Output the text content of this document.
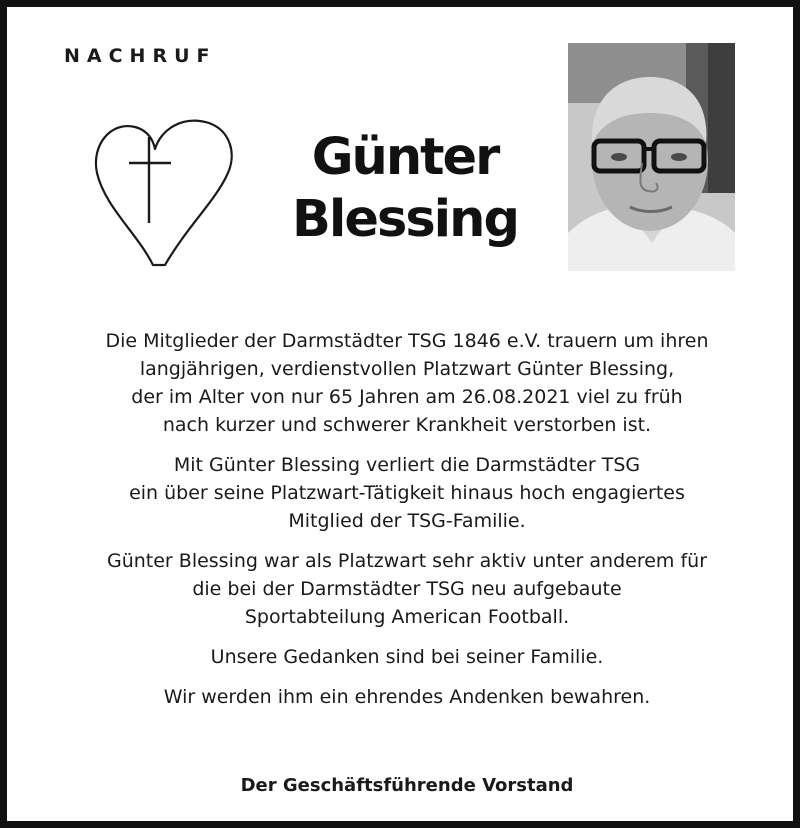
NACHRUF
Günter
Blessing

Die Mitglieder der Darmstädter TSG 1846 e.V. trauern um ihren
langjährigen, verdienstvollen Platzwart Günter Blessing,
der im Alter von nur 65 Jahren am 26.08.2021 viel zu früh
nach kurzer und schwerer Krankheit verstorben ist.

Mit Günter Blessing verliert die Darmstädter TSG
ein über seine Platzwart-Tätigkeit hinaus hoch engagiertes
Mitglied der TSG-Familie.

Günter Blessing war als Platzwart sehr aktiv unter anderem für
die bei der Darmstädter TSG neu aufgebaute
Sportabteilung American Football.

Unsere Gedanken sind bei seiner Familie.

Wir werden ihm ein ehrendes Andenken bewahren.

Der Geschäftsführende Vorstand
